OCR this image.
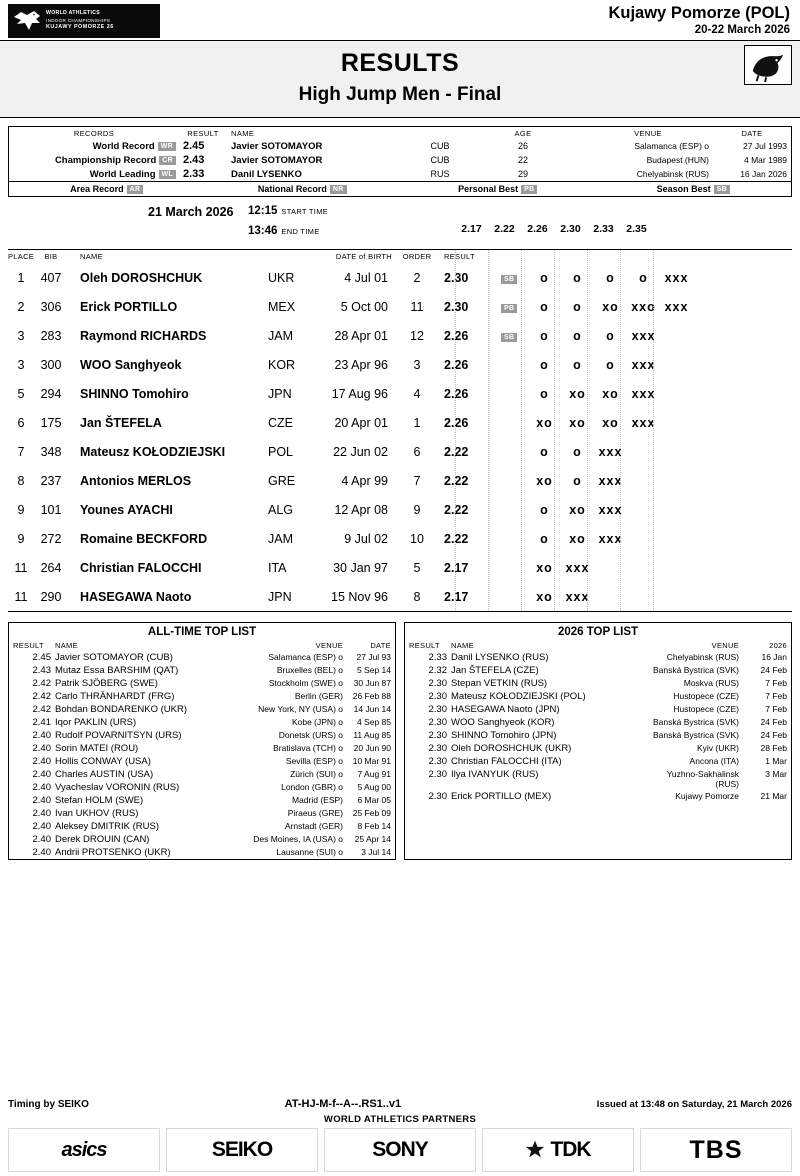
WORLD ATHLETICS
INDOOR CHAMPIONSHIPS
KUJAWY POMORZE 26
Kujawy Pomorze (POL)
20-22 March 2026
RESULTS
High Jump Men - Final
RECORDS	RESULT	NAME		AGE	VENUE	DATE
World Record WR	2.45	Javier SOTOMAYOR	CUB	26	Salamanca (ESP) o	27 Jul 1993
Championship Record CR	2.43	Javier SOTOMAYOR	CUB	22	Budapest (HUN)	4 Mar 1989
World Leading WL	2.33	Danil LYSENKO	RUS	29	Chelyabinsk (RUS)	16 Jan 2026
Area Record AR	National Record NR	Personal Best PB	Season Best SB
21 March 2026 12:15 START TIME
13:46 END TIME	2.17	2.22	2.26	2.30	2.33	2.35
PLACE	BIB	NAME	DATE of BIRTH	ORDER	RESULT
1	407	Oleh DOROSHCHUK	UKR	4 Jul 01	2	2.30	SB	o o o o xxx

2	306	Erick PORTILLO	MEX	5 Oct 00	11	2.30	PB	o o xo xxo xxx

3	283	Raymond RICHARDS	JAM	28 Apr 01	12	2.26	SB	o o o xxx

3	300	WOO Sanghyeok	KOR	23 Apr 96	3	2.26		o o o xxx

5	294	SHINNO Tomohiro	JPN	17 Aug 96	4	2.26		o xo xo xxx

6	175	Jan ŠTEFELA	CZE	20 Apr 01	1	2.26		xo xo xo xxx

7	348	Mateusz KOŁODZIEJSKI	POL	22 Jun 02	6	2.22		o o xxx

8	237	Antonios MERLOS	GRE	4 Apr 99	7	2.22		xo o xxx

9	101	Younes AYACHI	ALG	12 Apr 08	9	2.22		o xo xxx

9	272	Romaine BECKFORD	JAM	9 Jul 02	10	2.22		o xo xxx

11	264	Christian FALOCCHI	ITA	30 Jan 97	5	2.17		xo xxx

11	290	HASEGAWA Naoto	JPN	15 Nov 96	8	2.17		xo xxx
ALL-TIME TOP LIST
RESULT	NAME	VENUE	DATE
2.45 Javier SOTOMAYOR (CUB)	Salamanca (ESP) o	27 Jul 93
2.43 Mutaz Essa BARSHIM (QAT)	Bruxelles (BEL) o	5 Sep 14
2.42 Patrik SJÖBERG (SWE)	Stockholm (SWE) o	30 Jun 87
2.42 Carlo THRÄNHARDT (FRG)	Berlin (GER)	26 Feb 88
2.42 Bohdan BONDARENKO (UKR)	New York, NY (USA) o	14 Jun 14
2.41 Iqor PAKLIN (URS)	Kobe (JPN) o	4 Sep 85
2.40 Rudolf POVARNITSYN (URS)	Donetsk (URS) o	11 Aug 85
2.40 Sorin MATEI (ROU)	Bratislava (TCH) o	20 Jun 90
2.40 Hollis CONWAY (USA)	Sevilla (ESP) o	10 Mar 91
2.40 Charles AUSTIN (USA)	Zürich (SUI) o	7 Aug 91
2.40 Vyacheslav VORONIN (RUS)	London (GBR) o	5 Aug 00
2.40 Stefan HOLM (SWE)	Madrid (ESP)	6 Mar 05
2.40 Ivan UKHOV (RUS)	Piraeus (GRE)	25 Feb 09
2.40 Aleksey DMITRIK (RUS)	Arnstadt (GER)	8 Feb 14
2.40 Derek DROUIN (CAN)	Des Moines, IA (USA) o	25 Apr 14
2.40 Andrii PROTSENKO (UKR)	Lausanne (SUI) o	3 Jul 14
2026 TOP LIST
RESULT	NAME	VENUE	2026
2.33 Danil LYSENKO (RUS)	Chelyabinsk (RUS)	16 Jan
2.32 Jan ŠTEFELA (CZE)	Banská Bystrica (SVK)	24 Feb
2.30 Stepan VETKIN (RUS)	Moskva (RUS)	7 Feb
2.30 Mateusz KOŁODZIEJSKI (POL)	Hustopece (CZE)	7 Feb
2.30 HASEGAWA Naoto (JPN)	Hustopece (CZE)	7 Feb
2.30 WOO Sanghyeok (KOR)	Banská Bystrica (SVK)	24 Feb
2.30 SHINNO Tomohiro (JPN)	Banská Bystrica (SVK)	24 Feb
2.30 Oleh DOROSHCHUK (UKR)	Kyiv (UKR)	28 Feb
2.30 Christian FALOCCHI (ITA)	Ancona (ITA)	1 Mar
2.30 Ilya IVANYUK (RUS)	Yuzhno-Sakhalinsk (RUS)
3 Mar
2.30 Erick PORTILLO (MEX)	Kujawy Pomorze	21 Mar
Timing by SEIKO	AT-HJ-M-f--A--.RS1..v1	Issued at 13:48 on Saturday, 21 March 2026
WORLD ATHLETICS PARTNERS
asics	SEIKO	SONY	TDK	TBS
